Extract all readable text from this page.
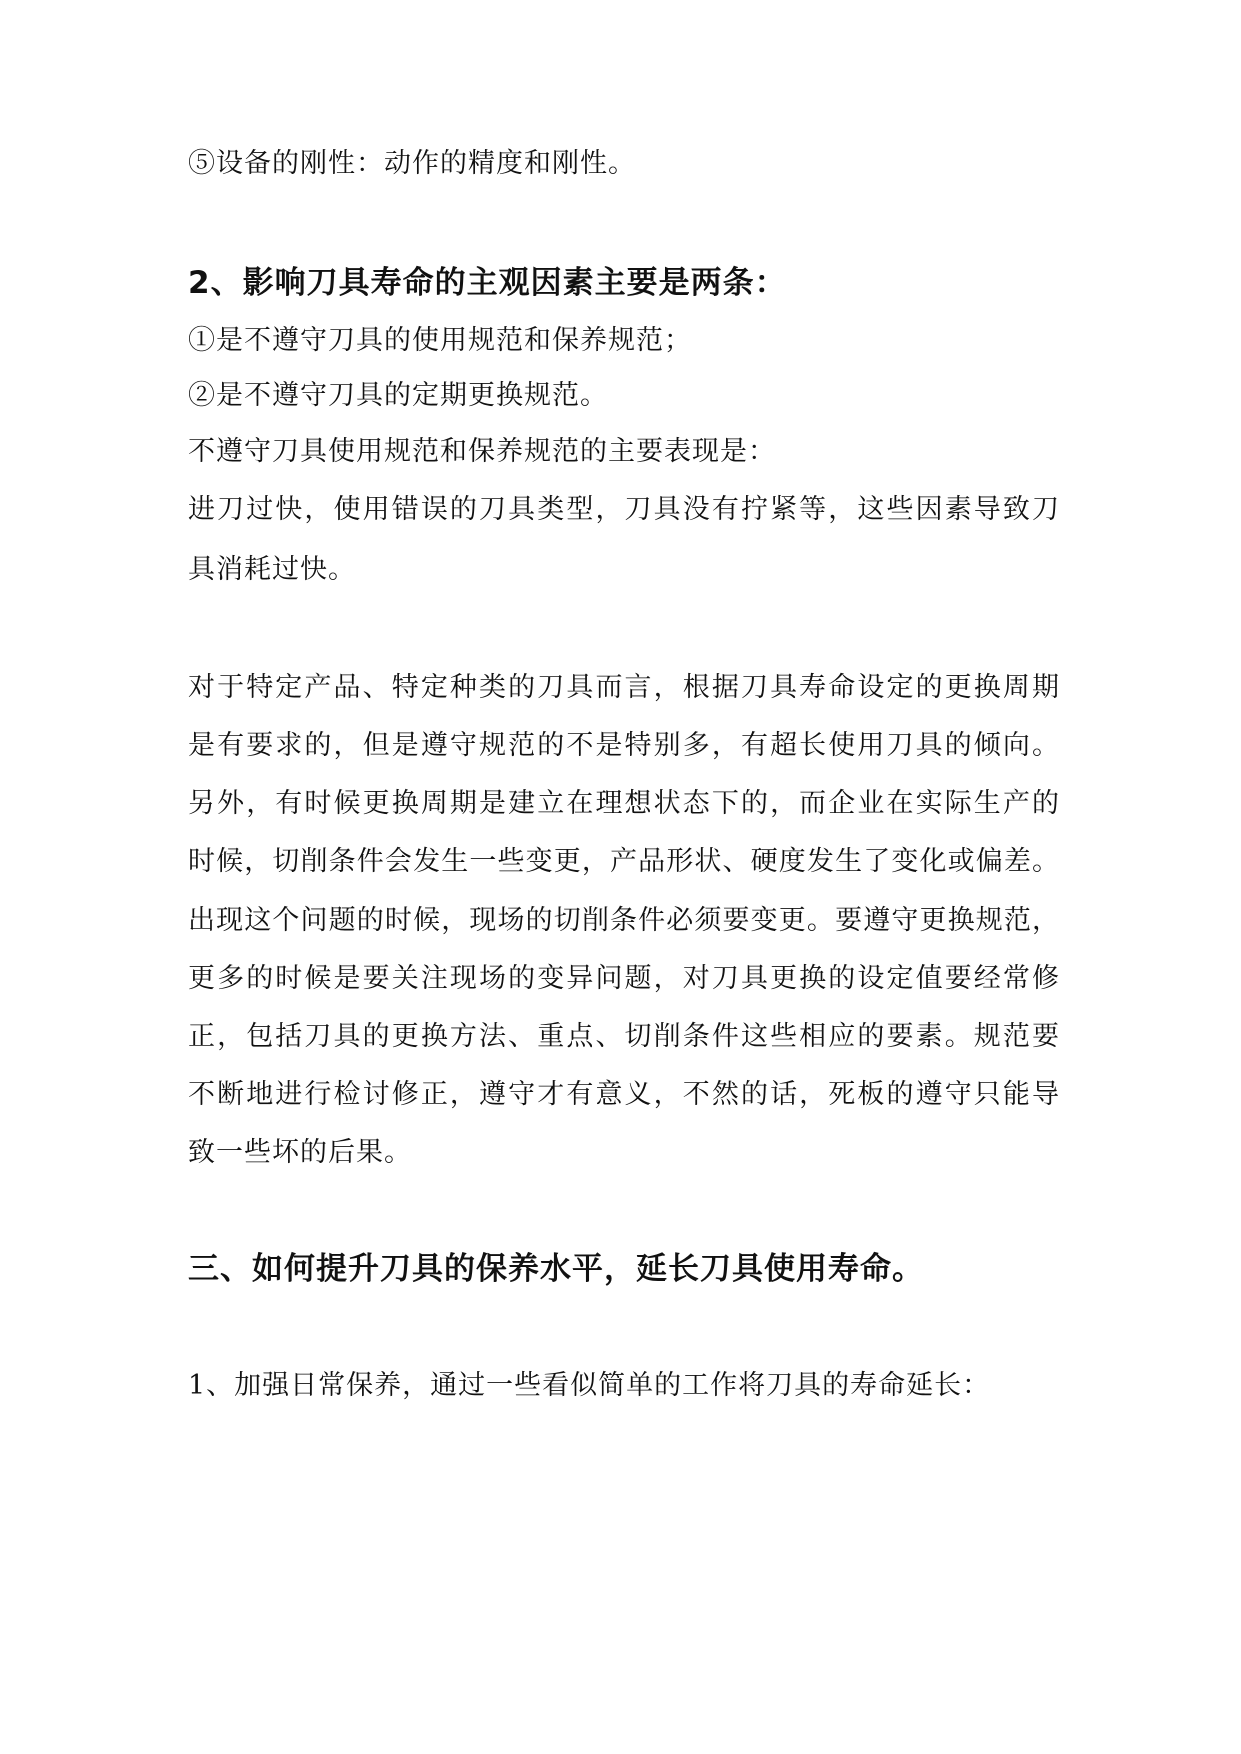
⑤设备的刚性：动作的精度和刚性。
2、影响刀具寿命的主观因素主要是两条：
①是不遵守刀具的使用规范和保养规范；
②是不遵守刀具的定期更换规范。
不遵守刀具使用规范和保养规范的主要表现是：
进刀过快，使用错误的刀具类型，刀具没有拧紧等，这些因素导致刀
具消耗过快。
对于特定产品、特定种类的刀具而言，根据刀具寿命设定的更换周期
是有要求的，但是遵守规范的不是特别多，有超长使用刀具的倾向。
另外，有时候更换周期是建立在理想状态下的，而企业在实际生产的
时候，切削条件会发生一些变更，产品形状、硬度发生了变化或偏差。
出现这个问题的时候，现场的切削条件必须要变更。要遵守更换规范，
更多的时候是要关注现场的变异问题，对刀具更换的设定值要经常修
正，包括刀具的更换方法、重点、切削条件这些相应的要素。规范要
不断地进行检讨修正，遵守才有意义，不然的话，死板的遵守只能导
致一些坏的后果。
三、如何提升刀具的保养水平，延长刀具使用寿命。
1、加强日常保养，通过一些看似简单的工作将刀具的寿命延长：
